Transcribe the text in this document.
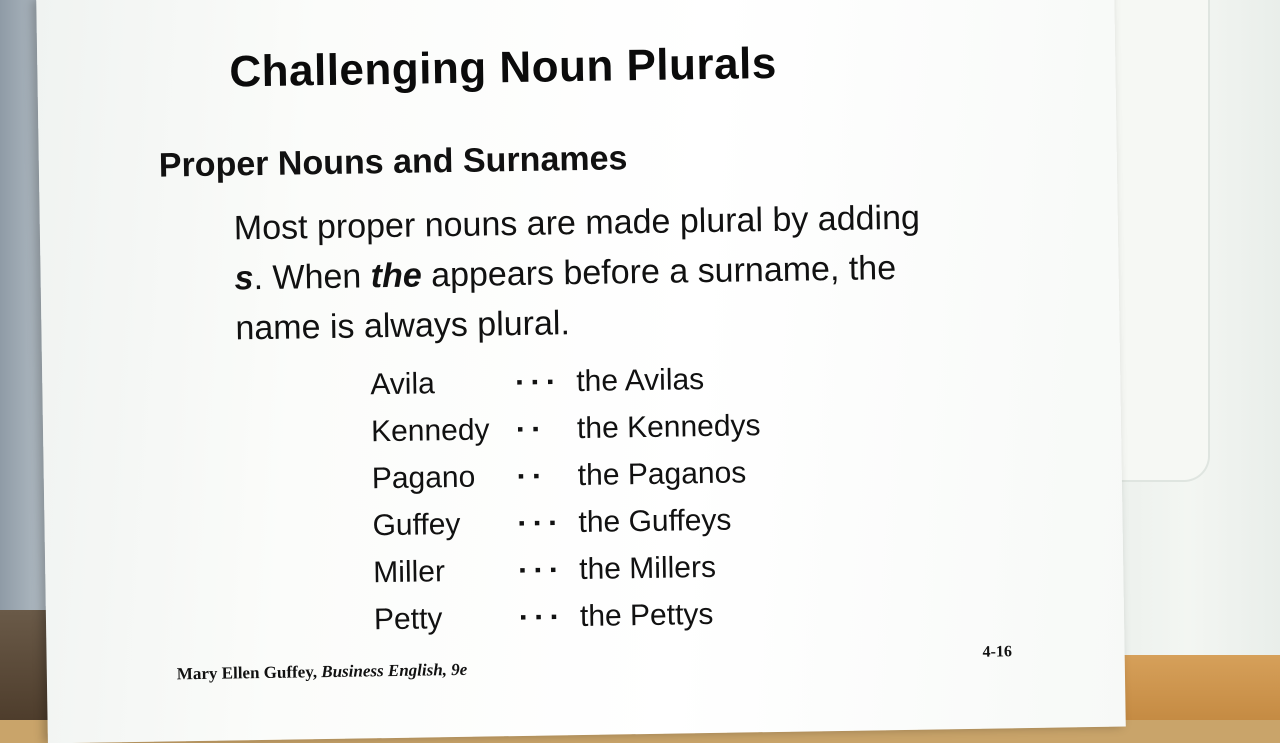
Challenging Noun Plurals
Proper Nouns and Surnames

Most proper nouns are made plural by adding s. When the appears before a surname, the name is always plural.

Avila	▪ ▪ ▪ the Avilas
Kennedy	▪ ▪	the Kennedys
Pagano	▪ ▪	the Paganos
Guffey	▪ ▪ ▪ the Guffeys
Miller	▪ ▪ ▪ the Millers
Petty	▪ ▪ ▪ the Pettys
Mary Ellen Guffey, Business English, 9e
4-16
